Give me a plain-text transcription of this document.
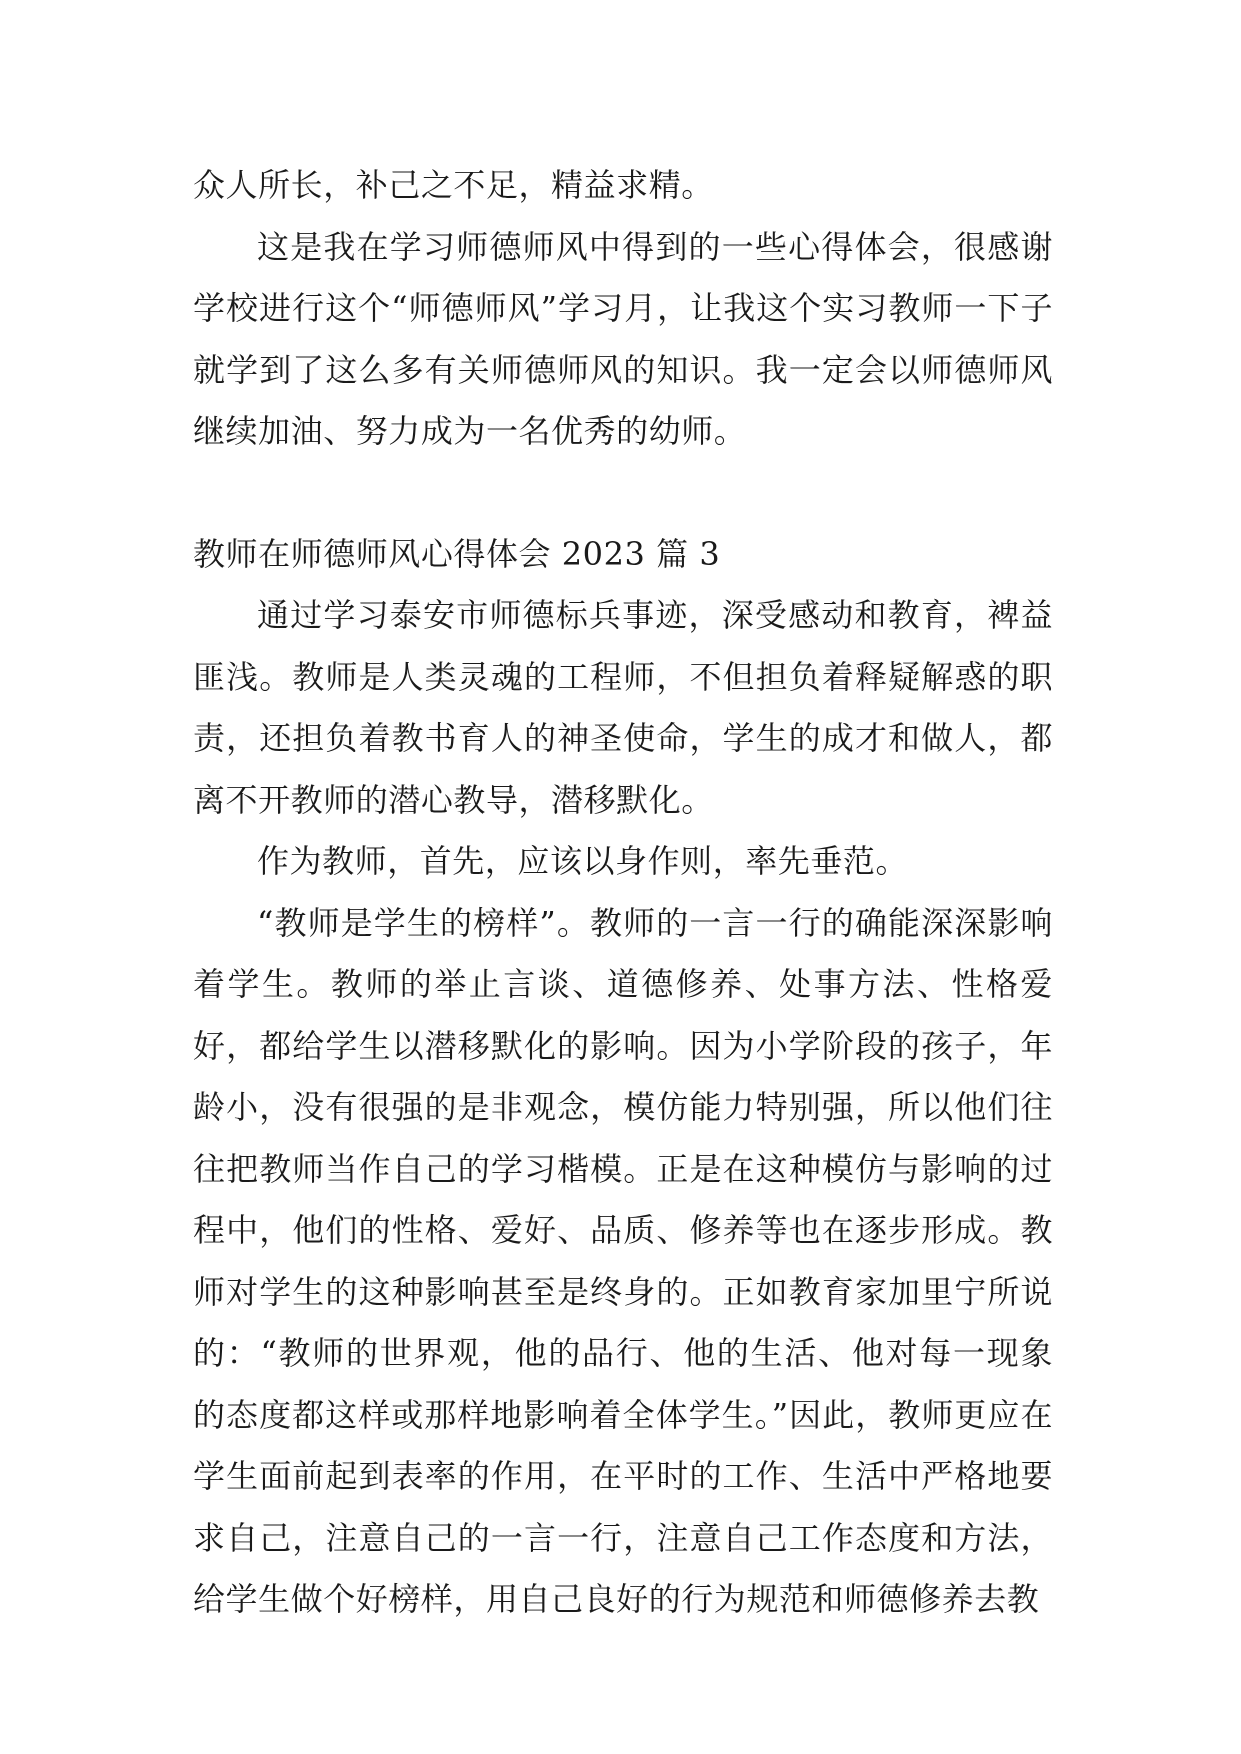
众人所长，补己之不足，精益求精。

这是我在学习师德师风中得到的一些心得体会，很感谢学校进行这个“师德师风”学习月，让我这个实习教师一下子就学到了这么多有关师德师风的知识。我一定会以师德师风继续加油、努力成为一名优秀的幼师。

教师在师德师风心得体会 2023 篇 3

通过学习泰安市师德标兵事迹，深受感动和教育，裨益匪浅。教师是人类灵魂的工程师，不但担负着释疑解惑的职责，还担负着教书育人的神圣使命，学生的成才和做人，都离不开教师的潜心教导，潜移默化。

作为教师，首先，应该以身作则，率先垂范。

“教师是学生的榜样”。教师的一言一行的确能深深影响着学生。教师的举止言谈、道德修养、处事方法、性格爱好，都给学生以潜移默化的影响。因为小学阶段的孩子，年龄小，没有很强的是非观念，模仿能力特别强，所以他们往往把教师当作自己的学习楷模。正是在这种模仿与影响的过程中，他们的性格、爱好、品质、修养等也在逐步形成。教师对学生的这种影响甚至是终身的。正如教育家加里宁所说的：“教师的世界观，他的品行、他的生活、他对每一现象的态度都这样或那样地影响着全体学生。”因此，教师更应在学生面前起到表率的作用，在平时的工作、生活中严格地要求自己，注意自己的一言一行，注意自己工作态度和方法，给学生做个好榜样，用自己良好的行为规范和师德修养去教
